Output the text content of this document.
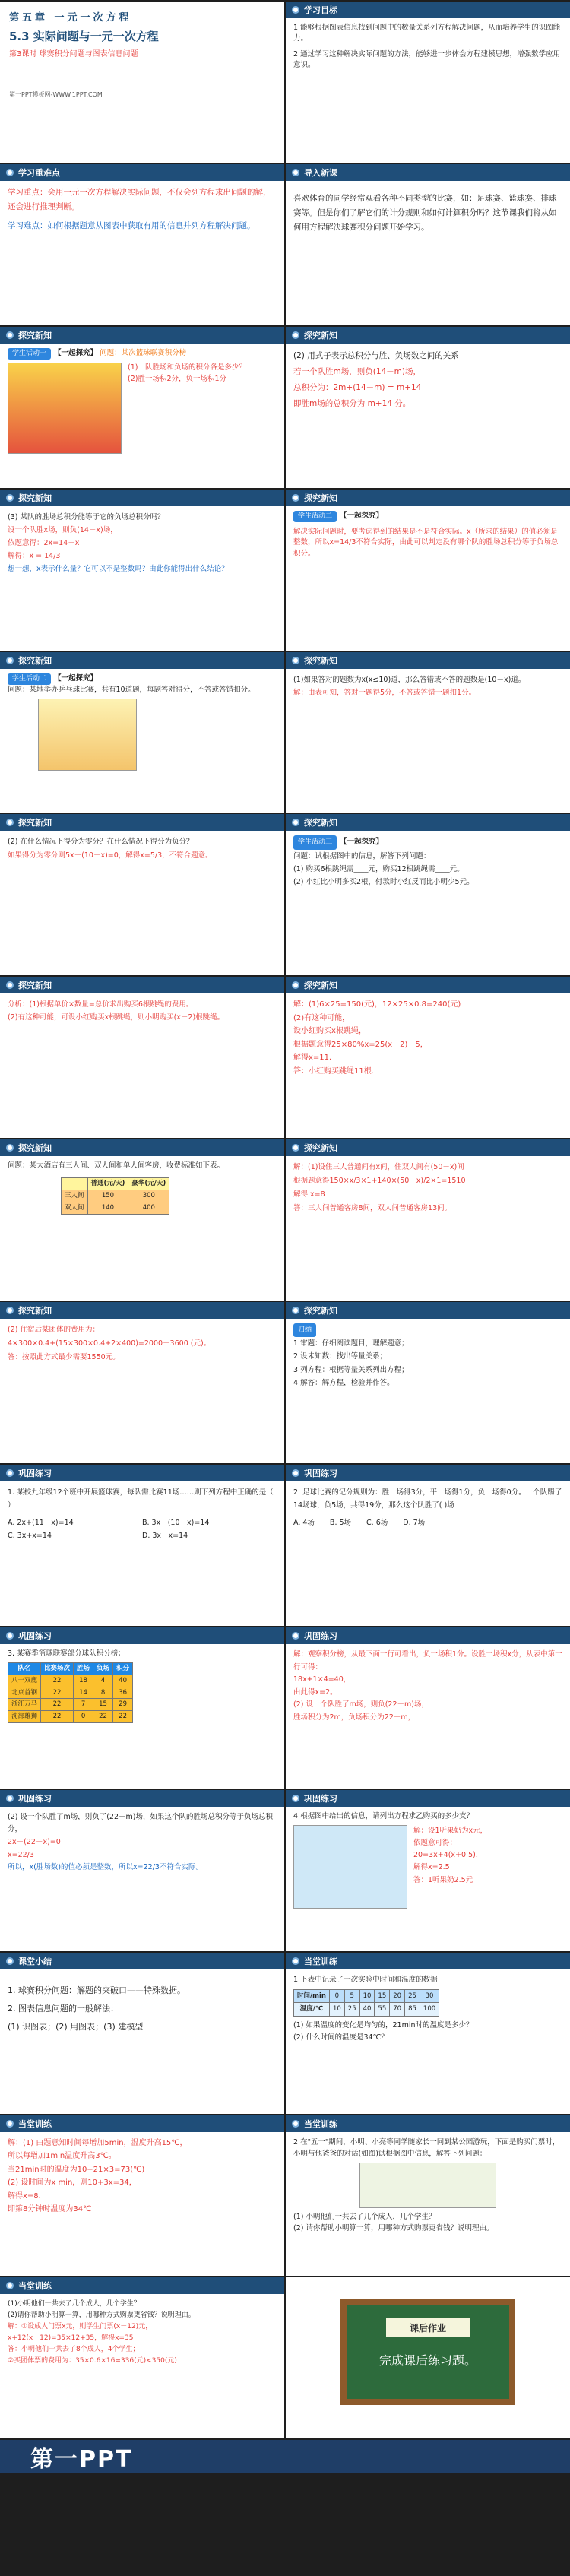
第五章 一元一次方程
5.3 实际问题与一元一次方程
第3课时 球赛积分问题与图表信息问题
第一PPT模板网-WWW.1PPT.COM
学习目标

1.能够根据图表信息找到问题中的数量关系列方程解决问题，从而培养学生的识图能力。

2.通过学习这种解决实际问题的方法，能够进一步体会方程建模思想，增强数学应用意识。

学习重难点

学习重点：会用一元一次方程解决实际问题，不仅会列方程求出问题的解，还会进行推理判断。

学习难点：如何根据题意从图表中获取有用的信息并列方程解决问题。

导入新课

喜欢体育的同学经常观看各种不同类型的比赛，如：足球赛、篮球赛、排球赛等。但是你们了解它们的计分规则和如何计算积分吗？这节课我们将从如何用方程解决球赛积分问题开始学习。

探究新知

学生活动一 【一起探究】 问题：某次篮球联赛积分榜

(1)一队胜场和负场的积分各是多少？

(2)胜一场积2分，负一场积1分

探究新知

(2) 用式子表示总积分与胜、负场数之间的关系

若一个队胜m场，则负(14－m)场，

总积分为：2m+(14－m) = m+14

即胜m场的总积分为 m+14 分。

探究新知

(3) 某队的胜场总积分能等于它的负场总积分吗？

设一个队胜x场，则负(14－x)场，

依题意得：2x=14－x

解得：x = 14/3

想一想，x表示什么量？它可以不是整数吗？由此你能得出什么结论？

探究新知

学生活动二 【一起探究】

解决实际问题时，要考虑得到的结果是不是符合实际。x（所求的结果）的值必须是整数，所以x=14/3不符合实际，由此可以判定没有哪个队的胜场总积分等于负场总积分。

探究新知

学生活动二 【一起探究】

问题：某地举办乒乓球比赛，共有10道题，每题答对得分，不答或答错扣分。

探究新知

(1)如果答对的题数为x(x≤10)道，那么答错或不答的题数是(10－x)道。

解：由表可知，答对一题得5分，不答或答错一题扣1分。

探究新知

(2) 在什么情况下得分为零分？在什么情况下得分为负分？

如果得分为零分则5x－(10－x)=0，解得x=5/3，不符合题意。

探究新知

学生活动三 【一起探究】

问题：试根据图中的信息，解答下列问题：

(1) 购买6根跳绳需____元，购买12根跳绳需____元。

(2) 小红比小明多买2根，付款时小红反而比小明少5元。

探究新知

分析：(1)根据单价×数量=总价求出购买6根跳绳的费用。

(2)有这种可能，可设小红购买x根跳绳，则小明购买(x－2)根跳绳。

探究新知

解：(1)6×25=150(元)，12×25×0.8=240(元)

(2)有这种可能，

设小红购买x根跳绳，

根据题意得25×80%x=25(x－2)－5，

解得x=11.

答：小红购买跳绳11根.

探究新知

问题：某大酒店有三人间、双人间和单人间客房，收费标准如下表。

	普通(元/天)	豪华(元/天)
三人间	150	300
双人间	140	400
探究新知

解：(1)设住三人普通间有x间，住双人间有(50－x)间

根据题意得150×x/3×1+140×(50－x)/2×1=1510

解得 x=8

答：三人间普通客房8间，双人间普通客房13间。

探究新知

(2) 住宿后某团体的费用为：

4×300×0.4+(15×300×0.4+2×400)=2000－3600 (元)。

答：按照此方式最少需要1550元。

探究新知

归纳

1.审题：仔细阅读题目，理解题意；

2.设未知数：找出等量关系；

3.列方程：根据等量关系列出方程；

4.解答：解方程，检验并作答。

巩固练习

1. 某校九年级12个班中开展篮球赛，每队需比赛11场……则下列方程中正确的是（ ）

A. 2x+(11－x)=14	B. 3x－(10－x)=14
C. 3x+x=14	D. 3x－x=14
巩固练习

2. 足球比赛的记分规则为：胜一场得3分，平一场得1分，负一场得0分。一个队踢了14场球，负5场，共得19分，那么这个队胜了( )场

A. 4场 B. 5场 C. 6场 D. 7场
巩固练习

3. 某赛季篮球联赛部分球队积分榜：

队名	比赛场次	胜场	负场	积分
八一双鹿	22	18	4	40
北京首钢	22	14	8	36
浙江万马	22	7	15	29
沈部雄狮	22	0	22	22
巩固练习

解：观察积分榜，从最下面一行可看出，负一场积1分。设胜一场积x分，从表中第一行可得：

18x+1×4=40，

由此得x=2。

(2) 设一个队胜了m场，则负(22－m)场，

胜场积分为2m，负场积分为22－m，

巩固练习

(2) 设一个队胜了m场，则负了(22－m)场，如果这个队的胜场总积分等于负场总积分，

2x－(22－x)=0

x=22/3

所以，x(胜场数)的值必须是整数，所以x=22/3不符合实际。

巩固练习

4.根据图中给出的信息，请列出方程求乙购买的多少支？

解：设1听果奶为x元，

依题意可得：

20=3x+4(x+0.5)，

解得x=2.5

答：1听果奶2.5元

课堂小结

1. 球赛积分问题：解题的突破口——特殊数据。

2. 图表信息问题的一般解法：

(1) 识图表；(2) 用图表；(3) 建模型

当堂训练

1.下表中记录了一次实验中时间和温度的数据

时间/min	0	5	10	15	20	25	30
温度/℃	10	25	40	55	70	85	100

(1) 如果温度的变化是均匀的，21min时的温度是多少？

(2) 什么时间的温度是34℃？

当堂训练

解：(1) 由题意知时间每增加5min，温度升高15℃，

所以每增加1min温度升高3℃。

当21min时的温度为10+21×3=73(℃)

(2) 设时间为x min，则10+3x=34，

解得x=8.

即第8分钟时温度为34℃

当堂训练

2.在"五一"期间，小明、小亮等同学随家长一同到某公园游玩，下面是购买门票时，小明与他爸爸的对话(如图)试根据图中信息，解答下列问题：

(1) 小明他们一共去了几个成人，几个学生？

(2) 请你帮助小明算一算，用哪种方式购票更省钱？说明理由。

当堂训练

(1)小明他们一共去了几个成人，几个学生？

(2)请你帮助小明算一算，用哪种方式购票更省钱？说明理由。

解：①设成人门票x元，则学生门票(x－12)元，

x+12(x－12)=35×12+35，解得x=35

答：小明他们一共去了8个成人，4个学生；

②买团体票的费用为：35×0.6×16=336(元)<350(元)

课后作业
完成课后练习题。
第一PPT
